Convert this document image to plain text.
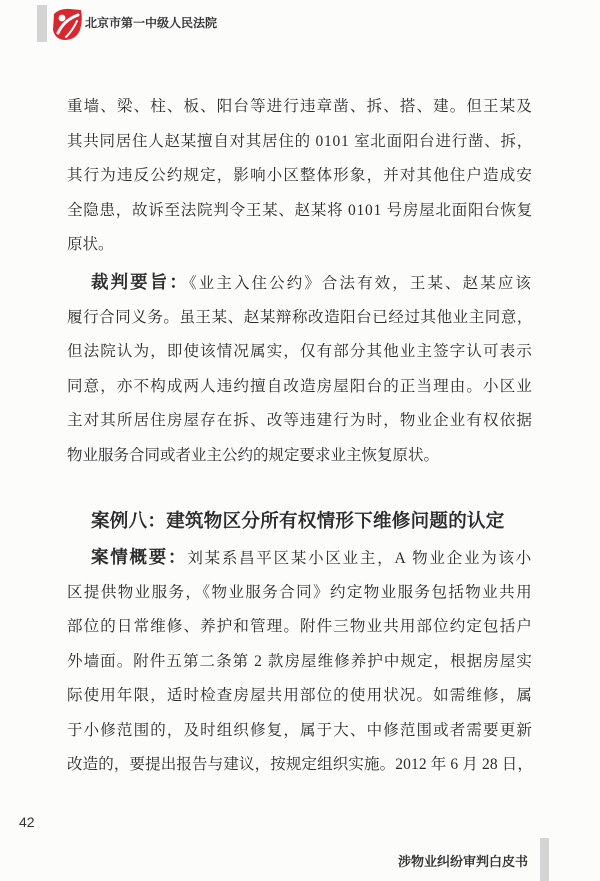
北京市第一中级人民法院
重墙、梁、柱、板、阳台等进行违章凿、拆、搭、建。但王某及
其共同居住人赵某擅自对其居住的 0101 室北面阳台进行凿、拆，
其行为违反公约规定，影响小区整体形象，并对其他住户造成安
全隐患，故诉至法院判令王某、赵某将 0101 号房屋北面阳台恢复
原状。
裁判要旨：《业主入住公约》合法有效，王某、赵某应该
履行合同义务。虽王某、赵某辩称改造阳台已经过其他业主同意，
但法院认为，即使该情况属实，仅有部分其他业主签字认可表示
同意，亦不构成两人违约擅自改造房屋阳台的正当理由。小区业
主对其所居住房屋存在拆、改等违建行为时，物业企业有权依据
物业服务合同或者业主公约的规定要求业主恢复原状。
案例八：建筑物区分所有权情形下维修问题的认定
案情概要：刘某系昌平区某小区业主，A 物业企业为该小
区提供物业服务，《物业服务合同》约定物业服务包括物业共用
部位的日常维修、养护和管理。附件三物业共用部位约定包括户
外墙面。附件五第二条第 2 款房屋维修养护中规定，根据房屋实
际使用年限，适时检查房屋共用部位的使用状况。如需维修，属
于小修范围的，及时组织修复，属于大、中修范围或者需要更新
改造的，要提出报告与建议，按规定组织实施。2012 年 6 月 28 日，
42
涉物业纠纷审判白皮书
